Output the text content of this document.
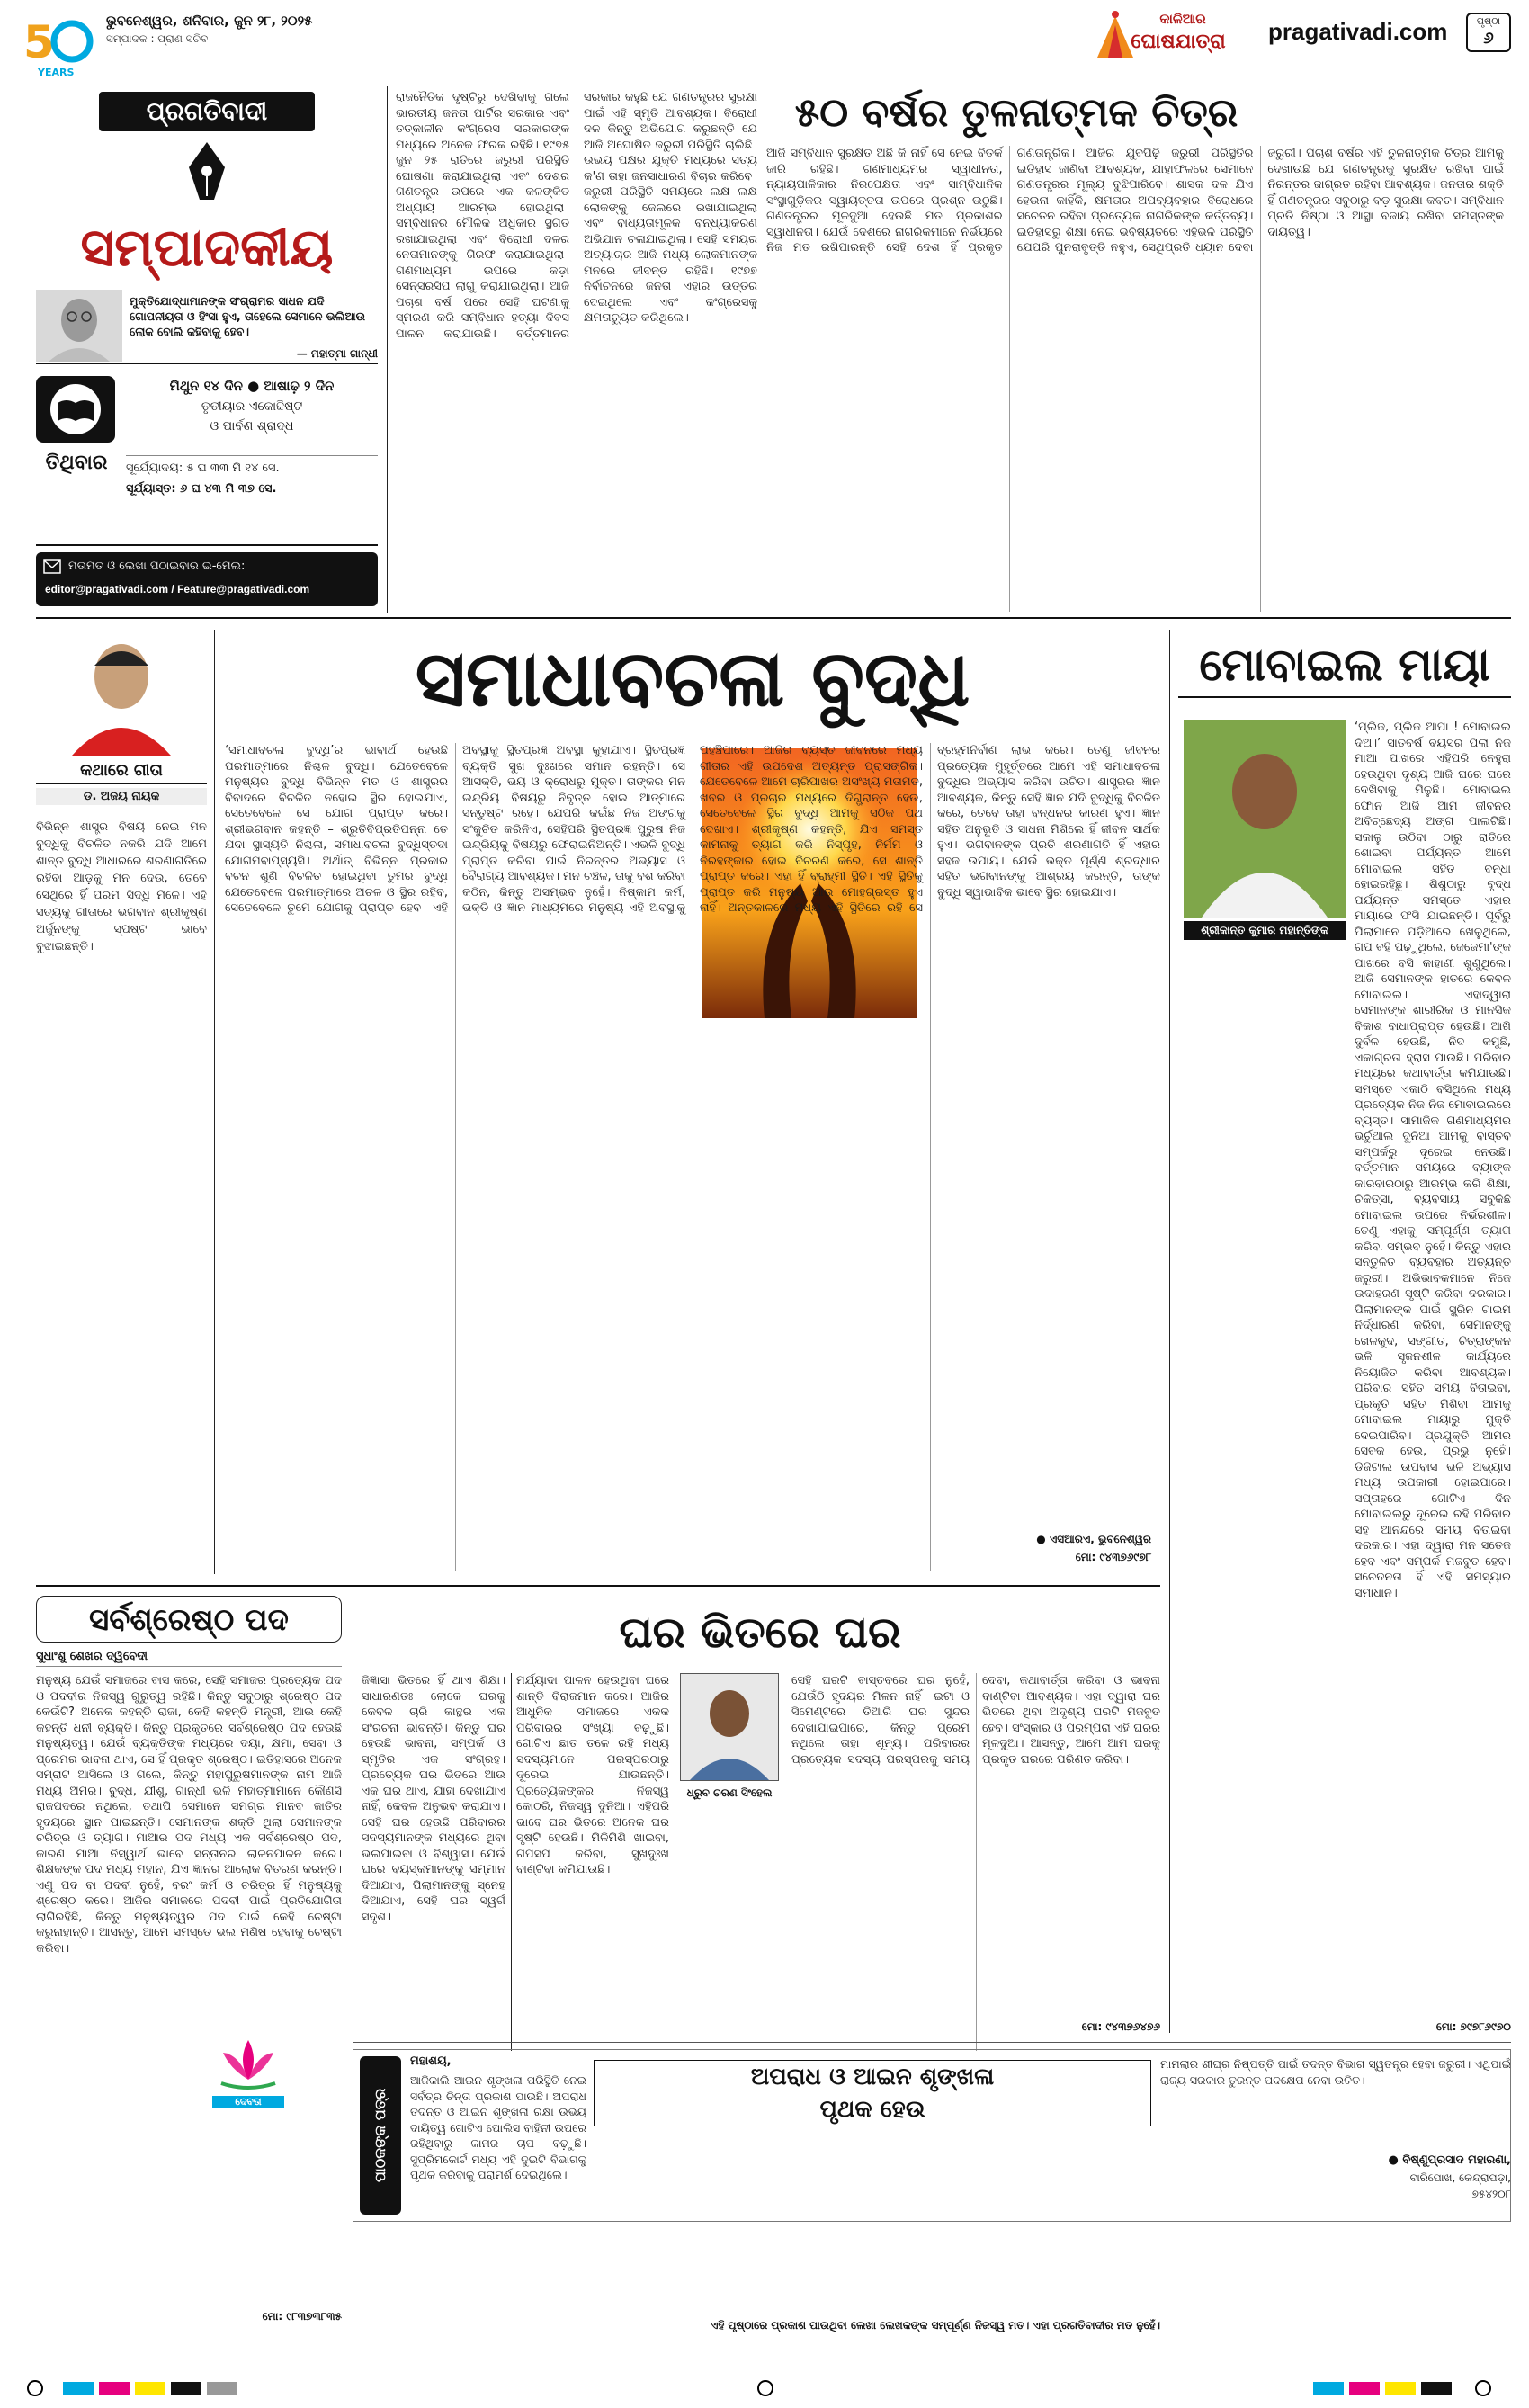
5
YEARS
ଭୁବନେଶ୍ୱର, ଶନିବାର, ଜୁନ ୨୮, ୨୦୨୫
ସମ୍ପାଦକ : ପ୍ରାଣ ସଚିବ
କାଳିଆର
ଘୋଷଯାତ୍ରା	pragativadi.com	ପୃଷ୍ଠା
୬
ପ୍ରଗତିବାଦୀ
ସମ୍ପାଦକୀୟ
ମୁକ୍ତିଯୋଦ୍ଧାମାନଙ୍କ ସଂଗ୍ରାମର ସାଧନ ଯଦି ଗୋପନୀୟତା ଓ ହିଂସା ହୁଏ, ତାହେଲେ ସେମାନେ ଭଲିଆଉ ଲୋକ ବୋଲି କହିବାକୁ ହେବ।
— ମହାତ୍ମା ଗାନ୍ଧୀ
ତିଥିବାର
ମିଥୁନ ୧୪ ଦିନ ● ଆଷାଢ଼ ୨ ଦିନ
ତୃତୀୟାର ଏକୋଦ୍ଦିଷ୍ଟ
ଓ ପାର୍ବଣ ଶ୍ରାଦ୍ଧ
ସୂର୍ଯ୍ୟୋଦୟ: ୫ ଘ ୩୩ ମି ୧୪ ସେ.
ସୂର୍ଯ୍ୟାସ୍ତ: ୬ ଘ ୪୩ ମି ୩୭ ସେ.
ମତାମତ ଓ ଲେଖା ପଠାଇବାର ଇ-ମେଲ:
editor@pragativadi.com / Feature@pragativadi.com
୫୦ ବର୍ଷର ତୁଳନାତ୍ମକ ଚିତ୍ର
ରାଜନୈତିକ ଦୃଷ୍ଟିରୁ ଦେଖିବାକୁ ଗଲେ ଭାରତୀୟ ଜନତା ପାର୍ଟିର ସରକାର ଏବଂ ତତ୍କାଳୀନ କଂଗ୍ରେସ ସରକାରଙ୍କ ମଧ୍ୟରେ ଅନେକ ଫରକ ରହିଛି। ୧୯୭୫ ଜୁନ ୨୫ ରାତିରେ ଜରୁରୀ ପରିସ୍ଥିତି ଘୋଷଣା କରାଯାଇଥିଲା ଏବଂ ଦେଶର ଗଣତନ୍ତ୍ର ଉପରେ ଏକ କଳଙ୍କିତ ଅଧ୍ୟାୟ ଆରମ୍ଭ ହୋଇଥିଲା। ସମ୍ବିଧାନର ମୌଳିକ ଅଧିକାର ସ୍ଥଗିତ ରଖାଯାଇଥିଲା ଏବଂ ବିରୋଧୀ ଦଳର ନେତାମାନଙ୍କୁ ଗିରଫ କରାଯାଇଥିଲା। ଗଣମାଧ୍ୟମ ଉପରେ କଡ଼ା ସେନ୍ସରସିପ ଲାଗୁ କରାଯାଇଥିଲା। ଆଜି ପଚାଶ ବର୍ଷ ପରେ ସେହି ଘଟଣାକୁ ସ୍ମରଣ କରି ସମ୍ବିଧାନ ହତ୍ୟା ଦିବସ ପାଳନ କରାଯାଉଛି। ବର୍ତ୍ତମାନର ସରକାର କହୁଛି ଯେ ଗଣତନ୍ତ୍ରର ସୁରକ୍ଷା ପାଇଁ ଏହି ସ୍ମୃତି ଆବଶ୍ୟକ। ବିରୋଧୀ ଦଳ କିନ୍ତୁ ଅଭିଯୋଗ କରୁଛନ୍ତି ଯେ ଆଜି ଅଘୋଷିତ ଜରୁରୀ ପରିସ୍ଥିତି ଚାଲିଛି। ଉଭୟ ପକ୍ଷର ଯୁକ୍ତି ମଧ୍ୟରେ ସତ୍ୟ କ'ଣ ତାହା ଜନସାଧାରଣ ବିଚାର କରିବେ। ଜରୁରୀ ପରିସ୍ଥିତି ସମୟରେ ଲକ୍ଷ ଲକ୍ଷ ଲୋକଙ୍କୁ ଜେଲରେ ରଖାଯାଇଥିଲା ଏବଂ ବାଧ୍ୟତାମୂଳକ ବନ୍ଧ୍ୟାକରଣ ଅଭିଯାନ ଚଳାଯାଇଥିଲା। ସେହି ସମୟର ଅତ୍ୟାଚାର ଆଜି ମଧ୍ୟ ଲୋକମାନଙ୍କ ମନରେ ଜୀବନ୍ତ ରହିଛି। ୧୯୭୭ ନିର୍ବାଚନରେ ଜନତା ଏହାର ଉତ୍ତର ଦେଇଥିଲେ ଏବଂ କଂଗ୍ରେସକୁ କ୍ଷମତାଚ୍ୟୁତ କରିଥିଲେ।
ଆଜି ସମ୍ବିଧାନ ସୁରକ୍ଷିତ ଅଛି କି ନାହିଁ ସେ ନେଇ ବିତର୍କ ଜାରି ରହିଛି। ଗଣମାଧ୍ୟମର ସ୍ୱାଧୀନତା, ନ୍ୟାୟପାଳିକାର ନିରପେକ୍ଷତା ଏବଂ ସାମ୍ବିଧାନିକ ସଂସ୍ଥାଗୁଡ଼ିକର ସ୍ୱାୟତ୍ତତା ଉପରେ ପ୍ରଶ୍ନ ଉଠୁଛି। ଗଣତନ୍ତ୍ରର ମୂଳଦୁଆ ହେଉଛି ମତ ପ୍ରକାଶର ସ୍ୱାଧୀନତା। ଯେଉଁ ଦେଶରେ ନାଗରିକମାନେ ନିର୍ଭୟରେ ନିଜ ମତ ରଖିପାରନ୍ତି ସେହି ଦେଶ ହିଁ ପ୍ରକୃତ ଗଣତାନ୍ତ୍ରିକ। ଆଜିର ଯୁବପିଢ଼ି ଜରୁରୀ ପରିସ୍ଥିତିର ଇତିହାସ ଜାଣିବା ଆବଶ୍ୟକ, ଯାହାଫଳରେ ସେମାନେ ଗଣତନ୍ତ୍ରର ମୂଲ୍ୟ ବୁଝିପାରିବେ। ଶାସକ ଦଳ ଯିଏ ହେଉନା କାହିଁକି, କ୍ଷମତାର ଅପବ୍ୟବହାର ବିରୋଧରେ ସଚେତନ ରହିବା ପ୍ରତ୍ୟେକ ନାଗରିକଙ୍କ କର୍ତ୍ତବ୍ୟ। ଇତିହାସରୁ ଶିକ୍ଷା ନେଇ ଭବିଷ୍ୟତରେ ଏହିଭଳି ପରିସ୍ଥିତି ଯେପରି ପୁନରାବୃତ୍ତି ନହୁଏ, ସେଥିପ୍ରତି ଧ୍ୟାନ ଦେବା ଜରୁରୀ। ପଚାଶ ବର୍ଷର ଏହି ତୁଳନାତ୍ମକ ଚିତ୍ର ଆମକୁ ଦେଖାଉଛି ଯେ ଗଣତନ୍ତ୍ରକୁ ସୁରକ୍ଷିତ ରଖିବା ପାଇଁ ନିରନ୍ତର ଜାଗ୍ରତ ରହିବା ଆବଶ୍ୟକ। ଜନତାର ଶକ୍ତି ହିଁ ଗଣତନ୍ତ୍ରର ସବୁଠାରୁ ବଡ଼ ସୁରକ୍ଷା କବଚ। ସମ୍ବିଧାନ ପ୍ରତି ନିଷ୍ଠା ଓ ଆସ୍ଥା ବଜାୟ ରଖିବା ସମସ୍ତଙ୍କ ଦାୟିତ୍ୱ।
କଥାରେ ଗୀତା
ଡ. ଅଜୟ ନାୟକ
ବିଭିନ୍ନ ଶାସ୍ତ୍ର ବିଷୟ ନେଇ ମନ ବୁଦ୍ଧିକୁ ବିଚଳିତ ନକରି ଯଦି ଆମେ ଶାନ୍ତ ବୁଦ୍ଧି ଆଧାରରେ ଶରଣାଗତିରେ ରହିବା ଆଡ଼କୁ ମନ ଦେଉ, ତେବେ ସେଥିରେ ହିଁ ପରମ ସିଦ୍ଧି ମିଳେ। ଏହି ସତ୍ୟକୁ ଗୀତାରେ ଭଗବାନ ଶ୍ରୀକୃଷ୍ଣ ଅର୍ଜୁନଙ୍କୁ ସ୍ପଷ୍ଟ ଭାବେ ବୁଝାଇଛନ୍ତି।
ସମାଧାବଚଳା ବୁଦ୍ଧି
‘ସମାଧାବଚଳା ବୁଦ୍ଧି’ର ଭାବାର୍ଥ ହେଉଛି ପରମାତ୍ମାରେ ନିଶ୍ଚଳ ବୁଦ୍ଧି। ଯେତେବେଳେ ମନୁଷ୍ୟର ବୁଦ୍ଧି ବିଭିନ୍ନ ମତ ଓ ଶାସ୍ତ୍ରର ବିବାଦରେ ବିଚଳିତ ନହୋଇ ସ୍ଥିର ହୋଇଯାଏ, ସେତେବେଳେ ସେ ଯୋଗ ପ୍ରାପ୍ତ କରେ। ଶ୍ରୀଭଗବାନ କହନ୍ତି – ଶ୍ରୁତିବିପ୍ରତିପନ୍ନା ତେ ଯଦା ସ୍ଥାସ୍ୟତି ନିଶ୍ଚଳା, ସମାଧାବଚଳା ବୁଦ୍ଧିସ୍ତଦା ଯୋଗମବାପ୍ସ୍ୟସି। ଅର୍ଥାତ୍ ବିଭିନ୍ନ ପ୍ରକାର ବଚନ ଶୁଣି ବିଚଳିତ ହୋଇଥିବା ତୁମର ବୁଦ୍ଧି ଯେତେବେଳେ ପରମାତ୍ମାରେ ଅଚଳ ଓ ସ୍ଥିର ରହିବ, ସେତେବେଳେ ତୁମେ ଯୋଗକୁ ପ୍ରାପ୍ତ ହେବ। ଏହି ଅବସ୍ଥାକୁ ସ୍ଥିତପ୍ରଜ୍ଞ ଅବସ୍ଥା କୁହାଯାଏ। ସ୍ଥିତପ୍ରଜ୍ଞ ବ୍ୟକ୍ତି ସୁଖ ଦୁଃଖରେ ସମାନ ରହନ୍ତି। ସେ ଆସକ୍ତି, ଭୟ ଓ କ୍ରୋଧରୁ ମୁକ୍ତ। ତାଙ୍କର ମନ ଇନ୍ଦ୍ରିୟ ବିଷୟରୁ ନିବୃତ୍ତ ହୋଇ ଆତ୍ମାରେ ସନ୍ତୁଷ୍ଟ ରହେ। ଯେପରି କଇଁଛ ନିଜ ଅଙ୍ଗକୁ ସଂକୁଚିତ କରିନିଏ, ସେହିପରି ସ୍ଥିତପ୍ରଜ୍ଞ ପୁରୁଷ ନିଜ ଇନ୍ଦ୍ରିୟକୁ ବିଷୟରୁ ଫେରାଇନିଅନ୍ତି। ଏଭଳି ବୁଦ୍ଧି ପ୍ରାପ୍ତ କରିବା ପାଇଁ ନିରନ୍ତର ଅଭ୍ୟାସ ଓ ବୈରାଗ୍ୟ ଆବଶ୍ୟକ। ମନ ଚଞ୍ଚଳ, ତାକୁ ବଶ କରିବା କଠିନ, କିନ୍ତୁ ଅସମ୍ଭବ ନୁହେଁ। ନିଷ୍କାମ କର୍ମ, ଭକ୍ତି ଓ ଜ୍ଞାନ ମାଧ୍ୟମରେ ମନୁଷ୍ୟ ଏହି ଅବସ୍ଥାକୁ ପହଞ୍ଚିପାରେ। ଆଜିର ବ୍ୟସ୍ତ ଜୀବନରେ ମଧ୍ୟ ଗୀତାର ଏହି ଉପଦେଶ ଅତ୍ୟନ୍ତ ପ୍ରାସଙ୍ଗିକ। ଯେତେବେଳେ ଆମେ ଚାରିପାଖର ଅସଂଖ୍ୟ ମତାମତ, ଖବର ଓ ପ୍ରଚାର ମଧ୍ୟରେ ଦିଗ୍ଭ୍ରାନ୍ତ ହେଉ, ସେତେବେଳେ ସ୍ଥିର ବୁଦ୍ଧି ଆମକୁ ସଠିକ ପଥ ଦେଖାଏ। ଶ୍ରୀକୃଷ୍ଣ କହନ୍ତି, ଯିଏ ସମସ୍ତ କାମନାକୁ ତ୍ୟାଗ କରି ନିସ୍ପୃହ, ନିର୍ମମ ଓ ନିରହଙ୍କାର ହୋଇ ବିଚରଣ କରେ, ସେ ଶାନ୍ତି ପ୍ରାପ୍ତ କରେ। ଏହା ହିଁ ବ୍ରାହ୍ମୀ ସ୍ଥିତି। ଏହି ସ୍ଥିତିକୁ ପ୍ରାପ୍ତ କରି ମନୁଷ୍ୟ ଆଉ ମୋହଗ୍ରସ୍ତ ହୁଏ ନାହିଁ। ଅନ୍ତକାଳରେ ମଧ୍ୟ ଏହି ସ୍ଥିତିରେ ରହି ସେ ବ୍ରହ୍ମନିର୍ବାଣ ଲାଭ କରେ। ତେଣୁ ଜୀବନର ପ୍ରତ୍ୟେକ ମୁହୂର୍ତ୍ତରେ ଆମେ ଏହି ସମାଧାବଚଳା ବୁଦ୍ଧିର ଅଭ୍ୟାସ କରିବା ଉଚିତ। ଶାସ୍ତ୍ରର ଜ୍ଞାନ ଆବଶ୍ୟକ, କିନ୍ତୁ ସେହି ଜ୍ଞାନ ଯଦି ବୁଦ୍ଧିକୁ ବିଚଳିତ କରେ, ତେବେ ତାହା ବନ୍ଧନର କାରଣ ହୁଏ। ଜ୍ଞାନ ସହିତ ଅନୁଭୂତି ଓ ସାଧନା ମିଶିଲେ ହିଁ ଜୀବନ ସାର୍ଥକ ହୁଏ। ଭଗବାନଙ୍କ ପ୍ରତି ଶରଣାଗତି ହିଁ ଏହାର ସହଜ ଉପାୟ। ଯେଉଁ ଭକ୍ତ ପୂର୍ଣ୍ଣ ଶ୍ରଦ୍ଧାର ସହିତ ଭଗବାନଙ୍କୁ ଆଶ୍ରୟ କରନ୍ତି, ତାଙ୍କ ବୁଦ୍ଧି ସ୍ୱାଭାବିକ ଭାବେ ସ୍ଥିର ହୋଇଯାଏ।
● ଏସଆରଏ, ଭୁବନେଶ୍ୱର
ମୋ: ୯୪୩୭୬୯୭୮
ମୋବାଇଲ ମାୟା
ଶ୍ରୀକାନ୍ତ କୁମାର ମହାନ୍ତିଙ୍କ
‘ପ୍ଲିଜ, ପ୍ଲିଜ ଆପା ! ମୋବାଇଲ ଦିଅ।’ ସାତବର୍ଷ ବୟସର ପିଲା ନିଜ ମାଆ ପାଖରେ ଏହିପରି ନେହୁରା ହେଉଥିବା ଦୃଶ୍ୟ ଆଜି ଘରେ ଘରେ ଦେଖିବାକୁ ମିଳୁଛି। ମୋବାଇଲ ଫୋନ ଆଜି ଆମ ଜୀବନର ଅବିଚ୍ଛେଦ୍ୟ ଅଙ୍ଗ ପାଲଟିଛି। ସକାଳୁ ଉଠିବା ଠାରୁ ରାତିରେ ଶୋଇବା ପର୍ଯ୍ୟନ୍ତ ଆମେ ମୋବାଇଲ ସହିତ ବନ୍ଧା ହୋଇରହିଛୁ। ଶିଶୁଠାରୁ ବୃଦ୍ଧ ପର୍ଯ୍ୟନ୍ତ ସମସ୍ତେ ଏହାର ମାୟାରେ ଫସି ଯାଇଛନ୍ତି। ପୂର୍ବରୁ ପିଲାମାନେ ପଡ଼ିଆରେ ଖେଳୁଥିଲେ, ଗପ ବହି ପଢ଼ୁଥିଲେ, ଜେଜେମା'ଙ୍କ ପାଖରେ ବସି କାହାଣୀ ଶୁଣୁଥିଲେ। ଆଜି ସେମାନଙ୍କ ହାତରେ କେବଳ ମୋବାଇଲ। ଏହାଦ୍ୱାରା ସେମାନଙ୍କ ଶାରୀରିକ ଓ ମାନସିକ ବିକାଶ ବାଧାପ୍ରାପ୍ତ ହେଉଛି। ଆଖି ଦୁର୍ବଳ ହେଉଛି, ନିଦ କମୁଛି, ଏକାଗ୍ରତା ହ୍ରାସ ପାଉଛି। ପରିବାର ମଧ୍ୟରେ କଥାବାର୍ତ୍ତା କମିଯାଉଛି। ସମସ୍ତେ ଏକାଠି ବସିଥିଲେ ମଧ୍ୟ ପ୍ରତ୍ୟେକ ନିଜ ନିଜ ମୋବାଇଲରେ ବ୍ୟସ୍ତ। ସାମାଜିକ ଗଣମାଧ୍ୟମର ଭର୍ଚୁଆଲ ଦୁନିଆ ଆମକୁ ବାସ୍ତବ ସମ୍ପର୍କରୁ ଦୂରେଇ ନେଉଛି। ବର୍ତ୍ତମାନ ସମୟରେ ବ୍ୟାଙ୍କ କାରବାରଠାରୁ ଆରମ୍ଭ କରି ଶିକ୍ଷା, ଚିକିତ୍ସା, ବ୍ୟବସାୟ ସବୁକିଛି ମୋବାଇଲ ଉପରେ ନିର୍ଭରଶୀଳ। ତେଣୁ ଏହାକୁ ସମ୍ପୂର୍ଣ୍ଣ ତ୍ୟାଗ କରିବା ସମ୍ଭବ ନୁହେଁ। କିନ୍ତୁ ଏହାର ସନ୍ତୁଳିତ ବ୍ୟବହାର ଅତ୍ୟନ୍ତ ଜରୁରୀ। ଅଭିଭାବକମାନେ ନିଜେ ଉଦାହରଣ ସୃଷ୍ଟି କରିବା ଦରକାର। ପିଲାମାନଙ୍କ ପାଇଁ ସ୍କ୍ରିନ ଟାଇମ ନିର୍ଦ୍ଧାରଣ କରିବା, ସେମାନଙ୍କୁ ଖେଳକୁଦ, ସଙ୍ଗୀତ, ଚିତ୍ରାଙ୍କନ ଭଳି ସୃଜନଶୀଳ କାର୍ଯ୍ୟରେ ନିୟୋଜିତ କରିବା ଆବଶ୍ୟକ। ପରିବାର ସହିତ ସମୟ ବିତାଇବା, ପ୍ରକୃତି ସହିତ ମିଶିବା ଆମକୁ ମୋବାଇଲ ମାୟାରୁ ମୁକ୍ତି ଦେଇପାରିବ। ପ୍ରଯୁକ୍ତି ଆମର ସେବକ ହେଉ, ପ୍ରଭୁ ନୁହେଁ। ଡିଜିଟାଲ ଉପବାସ ଭଳି ଅଭ୍ୟାସ ମଧ୍ୟ ଉପକାରୀ ହୋଇପାରେ। ସପ୍ତାହରେ ଗୋଟିଏ ଦିନ ମୋବାଇଲରୁ ଦୂରେଇ ରହି ପରିବାର ସହ ଆନନ୍ଦରେ ସମୟ ବିତାଇବା ଦରକାର। ଏହା ଦ୍ୱାରା ମନ ସତେଜ ହେବ ଏବଂ ସମ୍ପର୍କ ମଜବୁତ ହେବ। ସଚେତନତା ହିଁ ଏହି ସମସ୍ୟାର ସମାଧାନ।
ମୋ: ୭୯୭୮୬୯୭୦
ସର୍ବଶ୍ରେଷ୍ଠ ପଦ
ସୁଧାଂଶୁ ଶେଖର ଦ୍ୱିବେଦୀ
ମନୁଷ୍ୟ ଯେଉଁ ସମାଜରେ ବାସ କରେ, ସେହି ସମାଜର ପ୍ରତ୍ୟେକ ପଦ ଓ ପଦବୀର ନିଜସ୍ୱ ଗୁରୁତ୍ୱ ରହିଛି। କିନ୍ତୁ ସବୁଠାରୁ ଶ୍ରେଷ୍ଠ ପଦ କେଉଁଟି? ଅନେକ କହନ୍ତି ରାଜା, କେହି କହନ୍ତି ମନ୍ତ୍ରୀ, ଆଉ କେହି କହନ୍ତି ଧନୀ ବ୍ୟକ୍ତି। କିନ୍ତୁ ପ୍ରକୃତରେ ସର୍ବଶ୍ରେଷ୍ଠ ପଦ ହେଉଛି ମନୁଷ୍ୟତ୍ୱ। ଯେଉଁ ବ୍ୟକ୍ତିଙ୍କ ମଧ୍ୟରେ ଦୟା, କ୍ଷମା, ସେବା ଓ ପ୍ରେମର ଭାବନା ଥାଏ, ସେ ହିଁ ପ୍ରକୃତ ଶ୍ରେଷ୍ଠ। ଇତିହାସରେ ଅନେକ ସମ୍ରାଟ ଆସିଲେ ଓ ଗଲେ, କିନ୍ତୁ ମହାପୁରୁଷମାନଙ୍କ ନାମ ଆଜି ମଧ୍ୟ ଅମର। ବୁଦ୍ଧ, ଯୀଶୁ, ଗାନ୍ଧୀ ଭଳି ମହାତ୍ମାମାନେ କୌଣସି ରାଜପଦରେ ନଥିଲେ, ତଥାପି ସେମାନେ ସମଗ୍ର ମାନବ ଜାତିର ହୃଦୟରେ ସ୍ଥାନ ପାଇଛନ୍ତି। ସେମାନଙ୍କ ଶକ୍ତି ଥିଲା ସେମାନଙ୍କ ଚରିତ୍ର ଓ ତ୍ୟାଗ। ମାଆର ପଦ ମଧ୍ୟ ଏକ ସର୍ବଶ୍ରେଷ୍ଠ ପଦ, କାରଣ ମାଆ ନିସ୍ୱାର୍ଥ ଭାବେ ସନ୍ତାନର ଲାଳନପାଳନ କରେ। ଶିକ୍ଷକଙ୍କ ପଦ ମଧ୍ୟ ମହାନ, ଯିଏ ଜ୍ଞାନର ଆଲୋକ ବିତରଣ କରନ୍ତି। ଏଣୁ ପଦ ବା ପଦବୀ ନୁହେଁ, ବରଂ କର୍ମ ଓ ଚରିତ୍ର ହିଁ ମନୁଷ୍ୟକୁ ଶ୍ରେଷ୍ଠ କରେ। ଆଜିର ସମାଜରେ ପଦବୀ ପାଇଁ ପ୍ରତିଯୋଗିତା ଲାଗିରହିଛି, କିନ୍ତୁ ମନୁଷ୍ୟତ୍ୱର ପଦ ପାଇଁ କେହି ଚେଷ୍ଟା କରୁନାହାନ୍ତି। ଆସନ୍ତୁ, ଆମେ ସମସ୍ତେ ଭଲ ମଣିଷ ହେବାକୁ ଚେଷ୍ଟା କରିବା।
ଦେବତା
ମୋ: ୯୮୩୭୩୮୩୫
ଘର ଭିତରେ ଘର
ଜିଜ୍ଞାସା ଭିତରେ ହିଁ ଥାଏ ଶିକ୍ଷା। ସାଧାରଣତଃ ଲୋକେ ଘରକୁ କେବଳ ଚାରି କାନ୍ଥର ଏକ ସଂରଚନା ଭାବନ୍ତି। କିନ୍ତୁ ଘର ହେଉଛି ଭାବନା, ସମ୍ପର୍କ ଓ ସ୍ମୃତିର ଏକ ସଂଗ୍ରହ। ପ୍ରତ୍ୟେକ ଘର ଭିତରେ ଆଉ ଏକ ଘର ଥାଏ, ଯାହା ଦେଖାଯାଏ ନାହିଁ, କେବଳ ଅନୁଭବ କରାଯାଏ। ସେହି ଘର ହେଉଛି ପରିବାରର ସଦସ୍ୟମାନଙ୍କ ମଧ୍ୟରେ ଥିବା ଭଲପାଇବା ଓ ବିଶ୍ୱାସ। ଯେଉଁ ଘରେ ବୟସ୍କମାନଙ୍କୁ ସମ୍ମାନ ଦିଆଯାଏ, ପିଲାମାନଙ୍କୁ ସ୍ନେହ ଦିଆଯାଏ, ସେହି ଘର ସ୍ୱର୍ଗ ସଦୃଶ।
ମର୍ଯ୍ୟାଦା ପାଳନ ହେଉଥିବା ଘରେ ଶାନ୍ତି ବିରାଜମାନ କରେ। ଆଜିର ଆଧୁନିକ ସମାଜରେ ଏକକ ପରିବାରର ସଂଖ୍ୟା ବଢ଼ୁଛି। ଗୋଟିଏ ଛାତ ତଳେ ରହି ମଧ୍ୟ ସଦସ୍ୟମାନେ ପରସ୍ପରଠାରୁ ଦୂରେଇ ଯାଉଛନ୍ତି। ପ୍ରତ୍ୟେକଙ୍କର ନିଜସ୍ୱ କୋଠରି, ନିଜସ୍ୱ ଦୁନିଆ। ଏହିପରି ଭାବେ ଘର ଭିତରେ ଅନେକ ଘର ସୃଷ୍ଟି ହେଉଛି। ମିଳିମିଶି ଖାଇବା, ଗପସପ କରିବା, ସୁଖଦୁଃଖ ବାଣ୍ଟିବା କମିଯାଉଛି।
ଧ୍ରୁବ ଚରଣ ସିଂହେଲ
ସେହି ଘରଟି ବାସ୍ତବରେ ଘର ନୁହେଁ, ଯେଉଁଠି ହୃଦୟର ମିଳନ ନାହିଁ। ଇଟା ଓ ସିମେଣ୍ଟରେ ତିଆରି ଘର ସୁନ୍ଦର ଦେଖାଯାଇପାରେ, କିନ୍ତୁ ପ୍ରେମ ନଥିଲେ ତାହା ଶୂନ୍ୟ। ପରିବାରର ପ୍ରତ୍ୟେକ ସଦସ୍ୟ ପରସ୍ପରକୁ ସମୟ ଦେବା, କଥାବାର୍ତ୍ତା କରିବା ଓ ଭାବନା ବାଣ୍ଟିବା ଆବଶ୍ୟକ। ଏହା ଦ୍ୱାରା ଘର ଭିତରେ ଥିବା ଅଦୃଶ୍ୟ ଘରଟି ମଜବୁତ ହେବ। ସଂସ୍କାର ଓ ପରମ୍ପରା ଏହି ଘରର ମୂଳଦୁଆ। ଆସନ୍ତୁ, ଆମେ ଆମ ଘରକୁ ପ୍ରକୃତ ଘରରେ ପରିଣତ କରିବା।
ମୋ: ୯୪୩୭୬୪୭୬
ପାଠକଙ୍କ ପତ୍ର
ମହାଶୟ,
ଅପରାଧ ଓ ଆଇନ ଶୃଙ୍ଖଳା
ପୃଥକ ହେଉ
ଆଜିକାଲି ଆଇନ ଶୃଙ୍ଖଳା ପରିସ୍ଥିତି ନେଇ ସର୍ବତ୍ର ଚିନ୍ତା ପ୍ରକାଶ ପାଉଛି। ଅପରାଧ ତଦନ୍ତ ଓ ଆଇନ ଶୃଙ୍ଖଳା ରକ୍ଷା ଉଭୟ ଦାୟିତ୍ୱ ଗୋଟିଏ ପୋଲିସ ବାହିନୀ ଉପରେ ରହିଥିବାରୁ କାମର ଚାପ ବଢ଼ୁଛି। ସୁପ୍ରିମକୋର୍ଟ ମଧ୍ୟ ଏହି ଦୁଇଟି ବିଭାଗକୁ ପୃଥକ କରିବାକୁ ପରାମର୍ଶ ଦେଇଥିଲେ।
ମାମଲାର ଶୀଘ୍ର ନିଷ୍ପତ୍ତି ପାଇଁ ତଦନ୍ତ ବିଭାଗ ସ୍ୱତନ୍ତ୍ର ହେବା ଜରୁରୀ। ଏଥିପାଇଁ ରାଜ୍ୟ ସରକାର ତୁରନ୍ତ ପଦକ୍ଷେପ ନେବା ଉଚିତ।
● ବିଷ୍ଣୁପ୍ରସାଦ ମହାରଣା,
ବାରିପୋଖ, କେନ୍ଦ୍ରାପଡ଼ା,
୭୫୪୨୦୮
ଏହି ପୃଷ୍ଠାରେ ପ୍ରକାଶ ପାଉଥିବା ଲେଖା ଲେଖକଙ୍କ ସମ୍ପୂର୍ଣ୍ଣ ନିଜସ୍ୱ ମତ। ଏହା ପ୍ରଗତିବାଦୀର ମତ ନୁହେଁ।
